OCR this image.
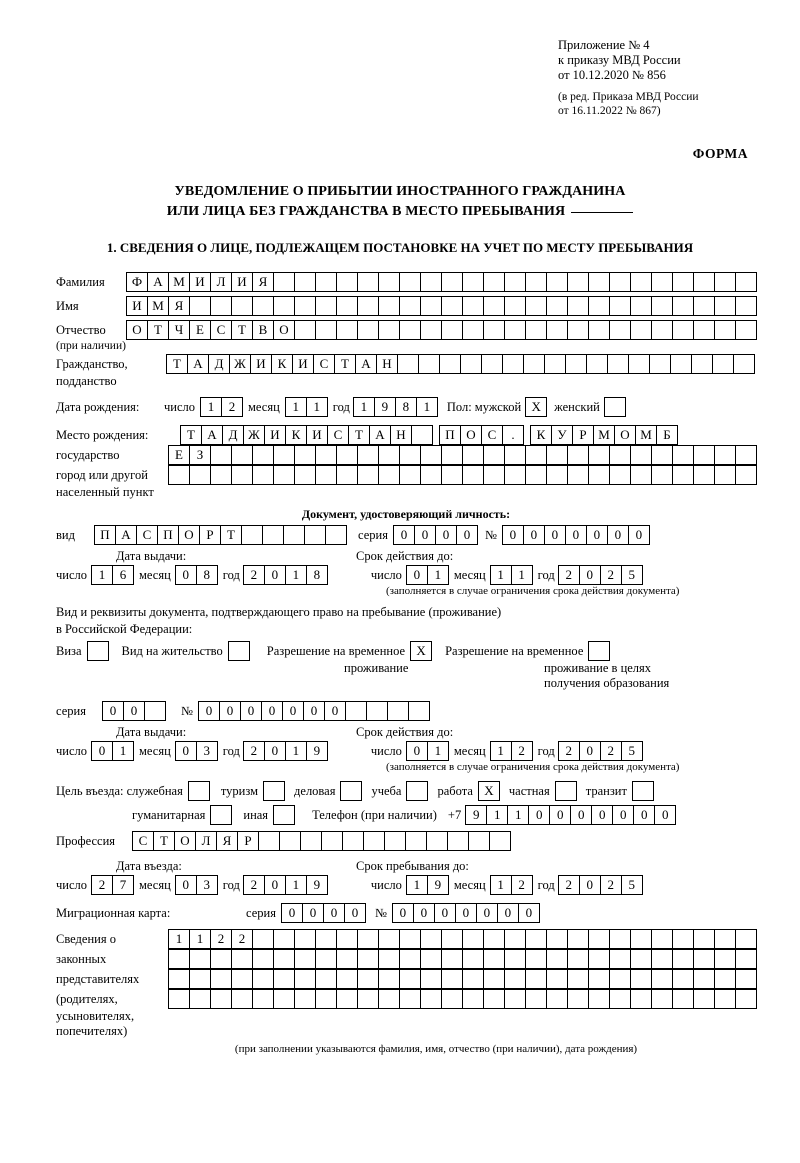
Приложение № 4
к приказу МВД России
от 10.12.2020 № 856
(в ред. Приказа МВД России
от 16.11.2022 № 867)
ФОРМА
УВЕДОМЛЕНИЕ О ПРИБЫТИИ ИНОСТРАННОГО ГРАЖДАНИНА
ИЛИ ЛИЦА БЕЗ ГРАЖДАНСТВА В МЕСТО ПРЕБЫВАНИЯ
1. СВЕДЕНИЯ О ЛИЦЕ, ПОДЛЕЖАЩЕМ ПОСТАНОВКЕ НА УЧЕТ ПО МЕСТУ ПРЕБЫВАНИЯ
Фамилия	Ф А М И Л И Я
Имя	И М Я
Отчество	О Т Ч Е С Т В О
(при наличии)
Гражданство,	Т А Д Ж И К И С Т А Н
подданство
Дата рождения:	число 1	2	месяц 1	1	год 1	9	8	1	Пол: мужской X	женский
Место рождения:	Т А Д Ж И К И С Т А Н	П О С	.	К У Р М О М Б
государство	Е	З
город или другой
населенный пункт
Документ, удостоверяющий личность:
вид	П А С П О Р	Т	серия 0	0	0	0	№ 0	0	0	0	0	0	0
Дата выдачи:	Срок действия до:
число 1	6	месяц 0	8	год 2	0	1	8	число 0	1	месяц 1	1	год 2	0	2	5
(заполняется в случае ограничения срока действия документа)
Вид и реквизиты документа, подтверждающего право на пребывание (проживание)
в Российской Федерации:
Виза	Вид на жительство	Разрешение на временное X	Разрешение на временное
проживание	проживание в целях
получения образования
серия	0	0	№ 0	0	0	0	0	0	0
Дата выдачи:	Срок действия до:
число 0	1	месяц 0	3	год 2	0	1	9	число 0	1	месяц 1	2	год 2	0	2	5
(заполняется в случае ограничения срока действия документа)
Цель въезда: служебная	туризм	деловая	учеба	работа X	частная	транзит
гуманитарная	иная	Телефон (при наличии) +7 9	1	1	0	0	0	0	0	0	0
Профессия	С Т О Л Я	Р
Дата въезда:	Срок пребывания до:
число 2	7	месяц 0	3	год 2	0	1	9	число 1	9	месяц 1	2	год 2	0	2	5
Миграционная карта:	серия 0	0	0	0	№ 0	0	0	0	0	0	0
Сведения о	1	1	2	2
законных
представителях
(родителях,
усыновителях,
попечителях)
(при заполнении указываются фамилия, имя, отчество (при наличии), дата рождения)
